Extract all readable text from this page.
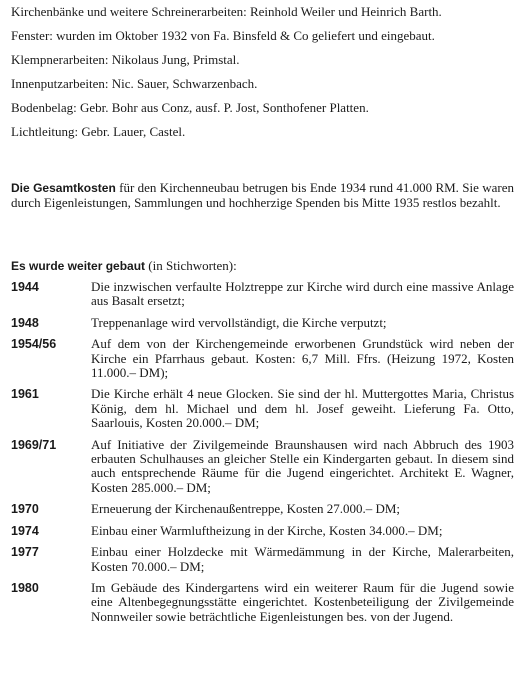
Kirchenbänke und weitere Schreinerarbeiten: Reinhold Weiler und Heinrich Barth.
Fenster: wurden im Oktober 1932 von Fa. Binsfeld & Co geliefert und eingebaut.
Klempnerarbeiten: Nikolaus Jung, Primstal.
Innenputzarbeiten: Nic. Sauer, Schwarzenbach.
Bodenbelag: Gebr. Bohr aus Conz, ausf. P. Jost, Sonthofener Platten.
Lichtleitung: Gebr. Lauer, Castel.

Die Gesamtkosten für den Kirchenneubau betrugen bis Ende 1934 rund 41.000 RM. Sie waren durch Eigenleistungen, Sammlungen und hochherzige Spenden bis Mitte 1935 restlos bezahlt.

Es wurde weiter gebaut (in Stichworten):
1944	Die inzwischen verfaulte Holztreppe zur Kirche wird durch eine massive Anlage aus Basalt ersetzt;
1948	Treppenanlage wird vervollständigt, die Kirche verputzt;
1954/56	Auf dem von der Kirchengemeinde erworbenen Grundstück wird neben der Kirche ein Pfarrhaus gebaut. Kosten: 6,7 Mill. Ffrs. (Heizung 1972, Kosten 11.000.– DM);
1961	Die Kirche erhält 4 neue Glocken. Sie sind der hl. Muttergottes Maria, Christus König, dem hl. Michael und dem hl. Josef geweiht. Lieferung Fa. Otto, Saarlouis, Kosten 20.000.– DM;
1969/71	Auf Initiative der Zivilgemeinde Braunshausen wird nach Abbruch des 1903 erbauten Schulhauses an gleicher Stelle ein Kindergarten gebaut. In diesem sind auch entsprechende Räume für die Jugend eingerichtet. Architekt E. Wagner, Kosten 285.000.– DM;
1970	Erneuerung der Kirchenaußentreppe, Kosten 27.000.– DM;
1974	Einbau einer Warmluftheizung in der Kirche, Kosten 34.000.– DM;
1977	Einbau einer Holzdecke mit Wärmedämmung in der Kirche, Malerarbeiten, Kosten 70.000.– DM;
1980	Im Gebäude des Kindergartens wird ein weiterer Raum für die Jugend sowie eine Altenbegegnungsstätte eingerichtet. Kostenbeteiligung der Zivilgemeinde Nonnweiler sowie beträchtliche Eigenleistungen bes. von der Jugend.
